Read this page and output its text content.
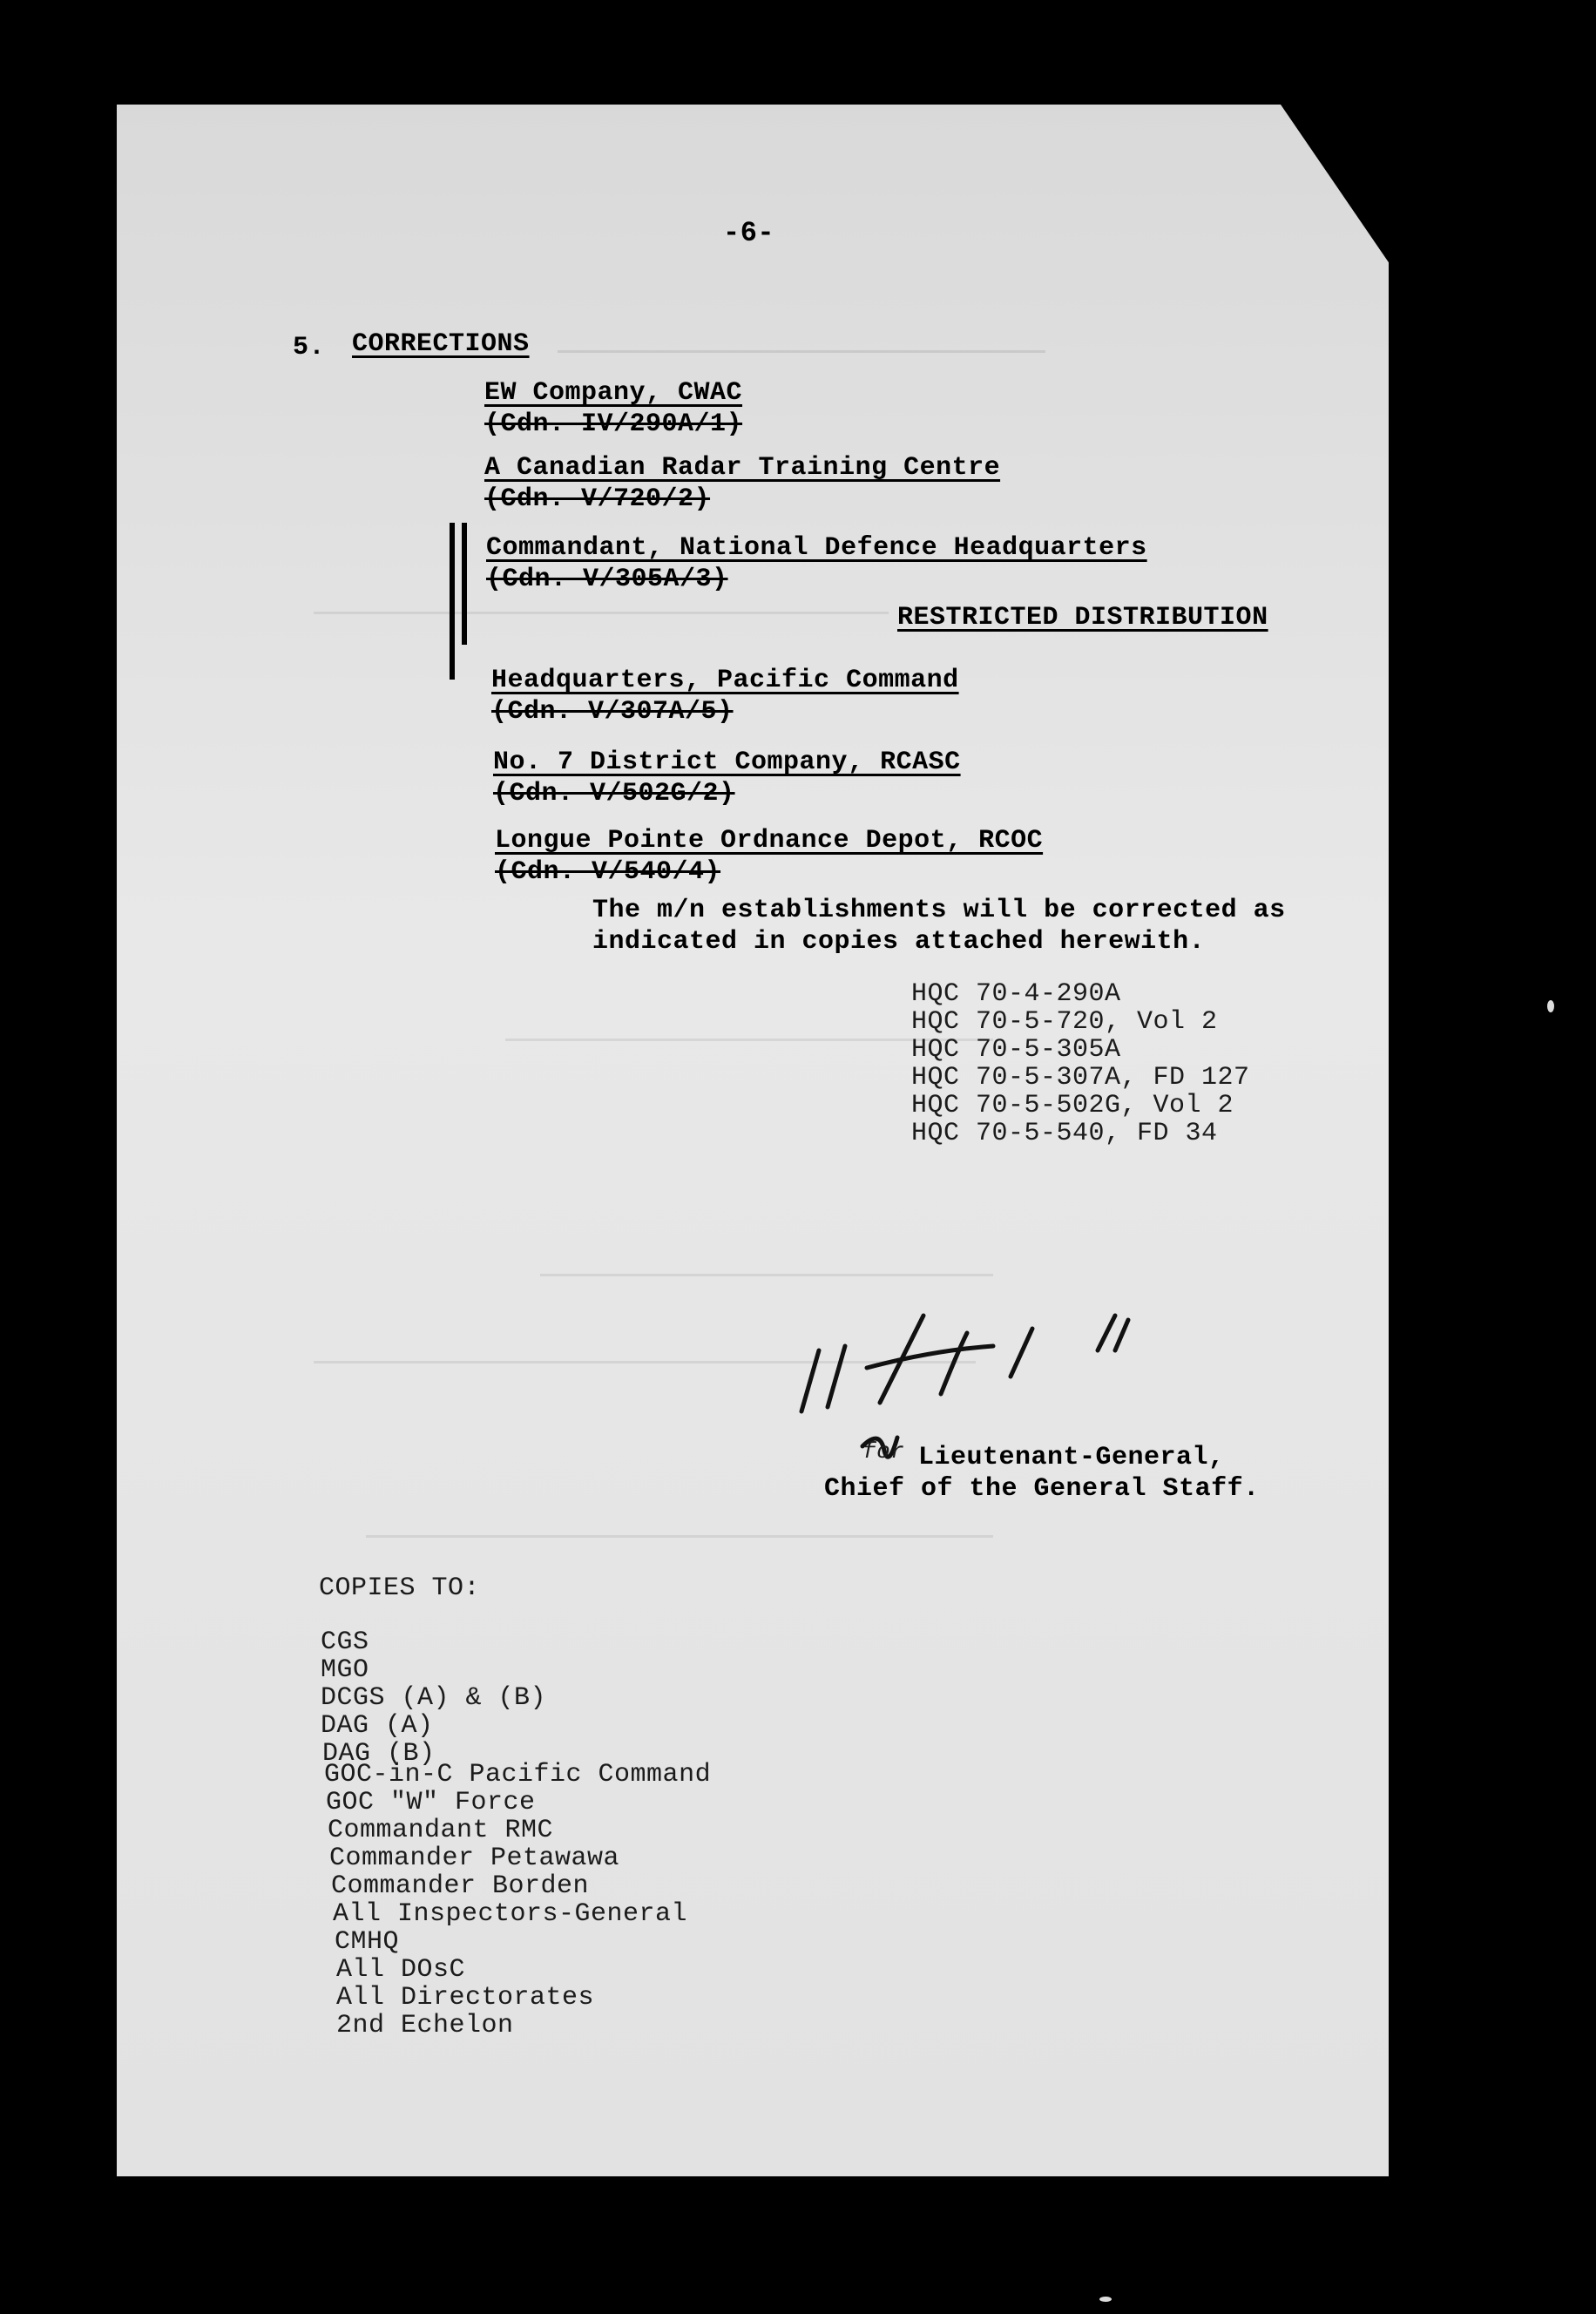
-6-
5. CORRECTIONS
EW Company, CWAC
(Cdn. IV/290A/1)
A Canadian Radar Training Centre
(Cdn. V/720/2)
Commandant, National Defence Headquarters
(Cdn. V/305A/3)
RESTRICTED DISTRIBUTION
Headquarters, Pacific Command
(Cdn. V/307A/5)
No. 7 District Company, RCASC
(Cdn. V/502G/2)
Longue Pointe Ordnance Depot, RCOC
(Cdn. V/540/4)
The m/n establishments will be corrected as
indicated in copies attached herewith.
HQC 70-4-290A
HQC 70-5-720, Vol 2
HQC 70-5-305A
HQC 70-5-307A, FD 127
HQC 70-5-502G, Vol 2
HQC 70-5-540, FD 34
for Lieutenant-General,
Chief of the General Staff.
COPIES TO:
CGS
MGO
DCGS (A) & (B)
DAG (A)
DAG (B)
GOC-in-C Pacific Command
GOC "W" Force
Commandant RMC
Commander Petawawa
Commander Borden
All Inspectors-General
CMHQ
All DOsC
All Directorates
2nd Echelon
